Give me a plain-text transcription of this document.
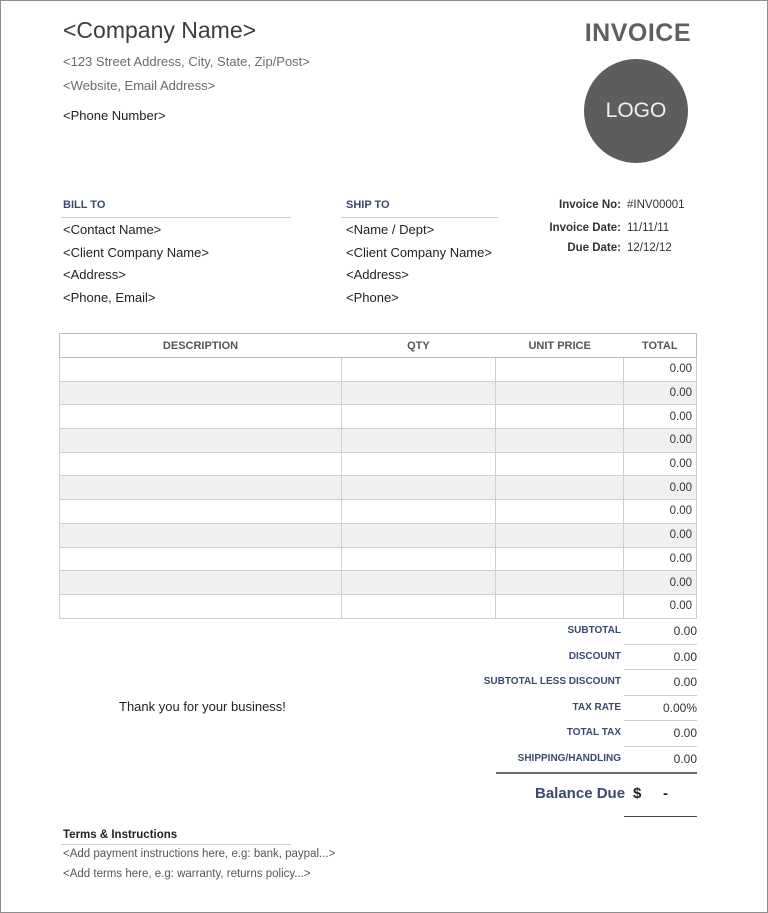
<Company Name>
<123 Street Address, City, State, Zip/Post>
<Website, Email Address>
<Phone Number>
INVOICE
LOGO
BILL TO
<Contact Name>
<Client Company Name>
<Address>
<Phone, Email>
SHIP TO
<Name / Dept>
<Client Company Name>
<Address>
<Phone>
Invoice No: #INV00001
Invoice Date: 11/11/11
Due Date: 12/12/12
DESCRIPTION	QTY	UNIT PRICE	TOTAL
			0.00
			0.00
			0.00
			0.00
			0.00
			0.00
			0.00
			0.00
			0.00
			0.00
			0.00
SUBTOTAL	0.00
DISCOUNT	0.00
SUBTOTAL LESS DISCOUNT	0.00
TAX RATE	0.00%
TOTAL TAX	0.00
SHIPPING/HANDLING	0.00
Balance Due $ -
Thank you for your business!
Terms & Instructions
<Add payment instructions here, e.g: bank, paypal...>
<Add terms here, e.g: warranty, returns policy...>
